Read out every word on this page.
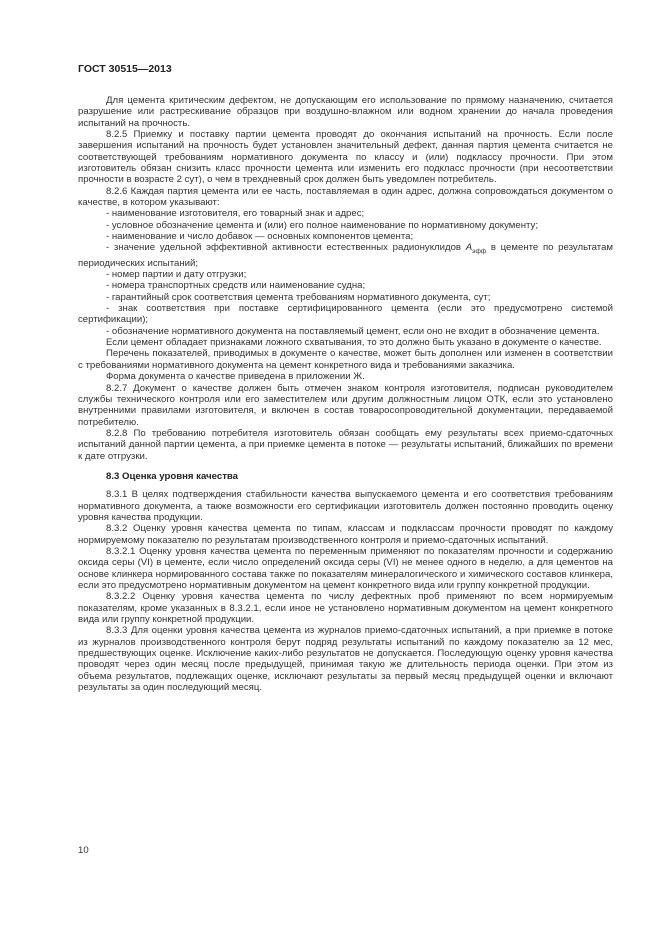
ГОСТ 30515—2013

Для цемента критическим дефектом, не допускающим его использование по прямому назначению, считается разрушение или растрескивание образцов при воздушно-влажном или водном хранении до начала проведения испытаний на прочность.

8.2.5 Приемку и поставку партии цемента проводят до окончания испытаний на прочность. Если после завершения испытаний на прочность будет установлен значительный дефект, данная партия цемента считается не соответствующей требованиям нормативного документа по классу и (или) подклассу прочности. При этом изготовитель обязан снизить класс прочности цемента или изменить его подкласс прочности (при несоответствии прочности в возрасте 2 сут), о чем в трехдневный срок должен быть уведомлен потребитель.

8.2.6 Каждая партия цемента или ее часть, поставляемая в один адрес, должна сопровождаться документом о качестве, в котором указывают:

- наименование изготовителя, его товарный знак и адрес;

- условное обозначение цемента и (или) его полное наименование по нормативному документу;

- наименование и число добавок — основных компонентов цемента;

- значение удельной эффективной активности естественных радионуклидов $A_{эфф}$ в цементе по результатам периодических испытаний;

- номер партии и дату отгрузки;

- номера транспортных средств или наименование судна;

- гарантийный срок соответствия цемента требованиям нормативного документа, сут;

- знак соответствия при поставке сертифицированного цемента (если это предусмотрено системой сертификации);

- обозначение нормативного документа на поставляемый цемент, если оно не входит в обозначение цемента.

Если цемент обладает признаками ложного схватывания, то это должно быть указано в документе о качестве.

Перечень показателей, приводимых в документе о качестве, может быть дополнен или изменен в соответствии с требованиями нормативного документа на цемент конкретного вида и требованиями заказчика.

Форма документа о качестве приведена в приложении Ж.

8.2.7 Документ о качестве должен быть отмечен знаком контроля изготовителя, подписан руководителем службы технического контроля или его заместителем или другим должностным лицом ОТК, если это установлено внутренними правилами изготовителя, и включен в состав товаросопроводительной документации, передаваемой потребителю.

8.2.8 По требованию потребителя изготовитель обязан сообщать ему результаты всех приемо-сдаточных испытаний данной партии цемента, а при приемке цемента в потоке — результаты испытаний, ближайших по времени к дате отгрузки.

8.3 Оценка уровня качества

8.3.1 В целях подтверждения стабильности качества выпускаемого цемента и его соответствия требованиям нормативного документа, а также возможности его сертификации изготовитель должен постоянно проводить оценку уровня качества продукции.

8.3.2 Оценку уровня качества цемента по типам, классам и подклассам прочности проводят по каждому нормируемому показателю по результатам производственного контроля и приемо-сдаточных испытаний.

8.3.2.1 Оценку уровня качества цемента по переменным применяют по показателям прочности и содержанию оксида серы (VI) в цементе, если число определений оксида серы (VI) не менее одного в неделю, а для цементов на основе клинкера нормированного состава также по показателям минералогического и химического составов клинкера, если это предусмотрено нормативным документом на цемент конкретного вида или группу конкретной продукции.

8.3.2.2 Оценку уровня качества цемента по числу дефектных проб применяют по всем нормируемым показателям, кроме указанных в 8.3.2.1, если иное не установлено нормативным документом на цемент конкретного вида или группу конкретной продукции.

8.3.3 Для оценки уровня качества цемента из журналов приемо-сдаточных испытаний, а при приемке в потоке из журналов производственного контроля берут подряд результаты испытаний по каждому показателю за 12 мес, предшествующих оценке. Исключение каких-либо результатов не допускается. Последующую оценку уровня качества проводят через один месяц после предыдущей, принимая такую же длительность периода оценки. При этом из объема результатов, подлежащих оценке, исключают результаты за первый месяц предыдущей оценки и включают результаты за один последующий месяц.

10
